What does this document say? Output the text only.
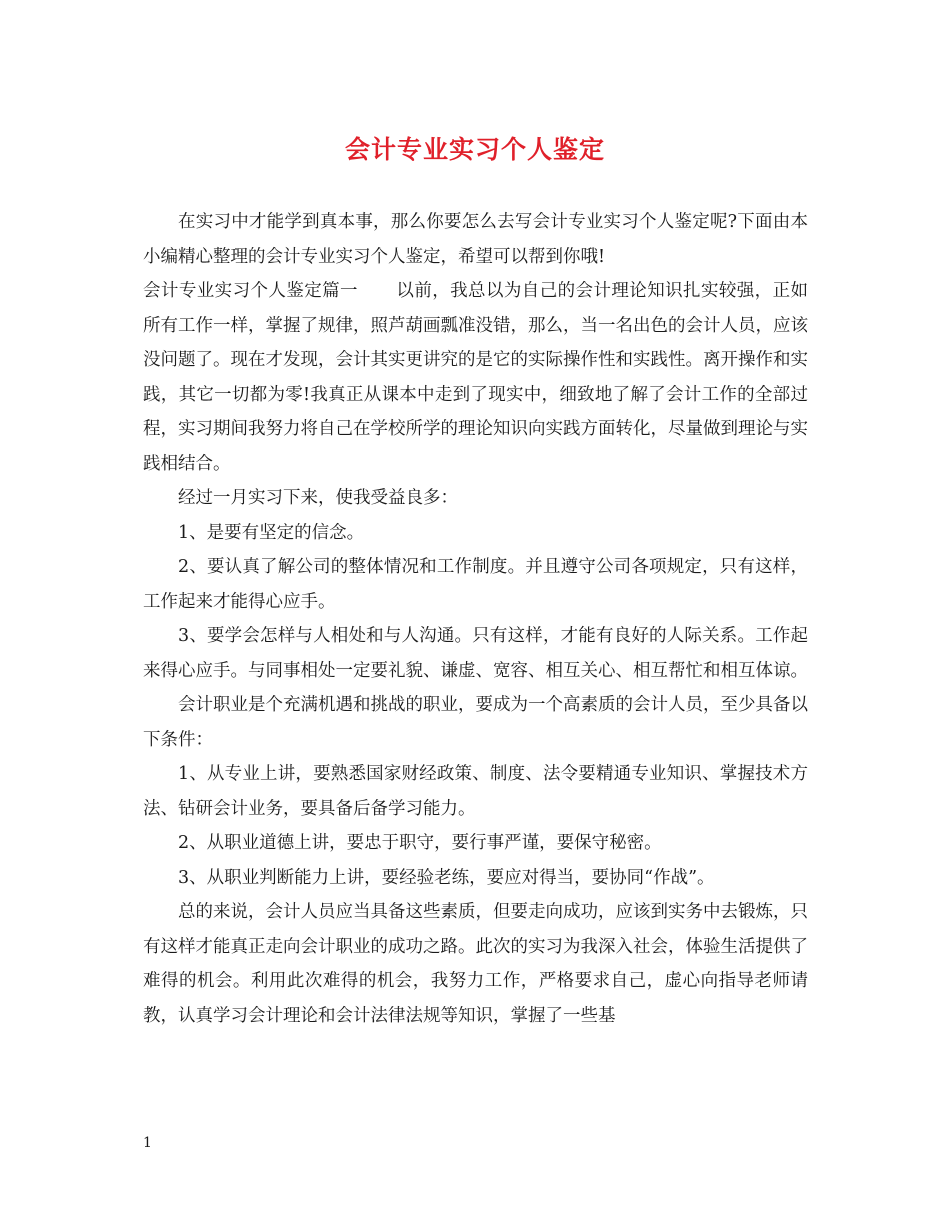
会计专业实习个人鉴定

在实习中才能学到真本事，那么你要怎么去写会计专业实习个人鉴定呢?下面由本小编精心整理的会计专业实习个人鉴定，希望可以帮到你哦!

会计专业实习个人鉴定篇一 以前，我总以为自己的会计理论知识扎实较强，正如所有工作一样，掌握了规律，照芦葫画瓢准没错，那么，当一名出色的会计人员，应该没问题了。现在才发现，会计其实更讲究的是它的实际操作性和实践性。离开操作和实践，其它一切都为零!我真正从课本中走到了现实中，细致地了解了会计工作的全部过程，实习期间我努力将自己在学校所学的理论知识向实践方面转化，尽量做到理论与实践相结合。

经过一月实习下来，使我受益良多：

1、是要有坚定的信念。

2、要认真了解公司的整体情况和工作制度。并且遵守公司各项规定，只有这样，工作起来才能得心应手。

3、要学会怎样与人相处和与人沟通。只有这样，才能有良好的人际关系。工作起来得心应手。与同事相处一定要礼貌、谦虚、宽容、相互关心、相互帮忙和相互体谅。

会计职业是个充满机遇和挑战的职业，要成为一个高素质的会计人员，至少具备以下条件：

1、从专业上讲，要熟悉国家财经政策、制度、法令要精通专业知识、掌握技术方法、钻研会计业务，要具备后备学习能力。

2、从职业道德上讲，要忠于职守，要行事严谨，要保守秘密。

3、从职业判断能力上讲，要经验老练，要应对得当，要协同“作战”。

总的来说，会计人员应当具备这些素质，但要走向成功，应该到实务中去锻炼，只有这样才能真正走向会计职业的成功之路。此次的实习为我深入社会，体验生活提供了难得的机会。利用此次难得的机会，我努力工作，严格要求自己，虚心向指导老师请教，认真学习会计理论和会计法律法规等知识，掌握了一些基

1
